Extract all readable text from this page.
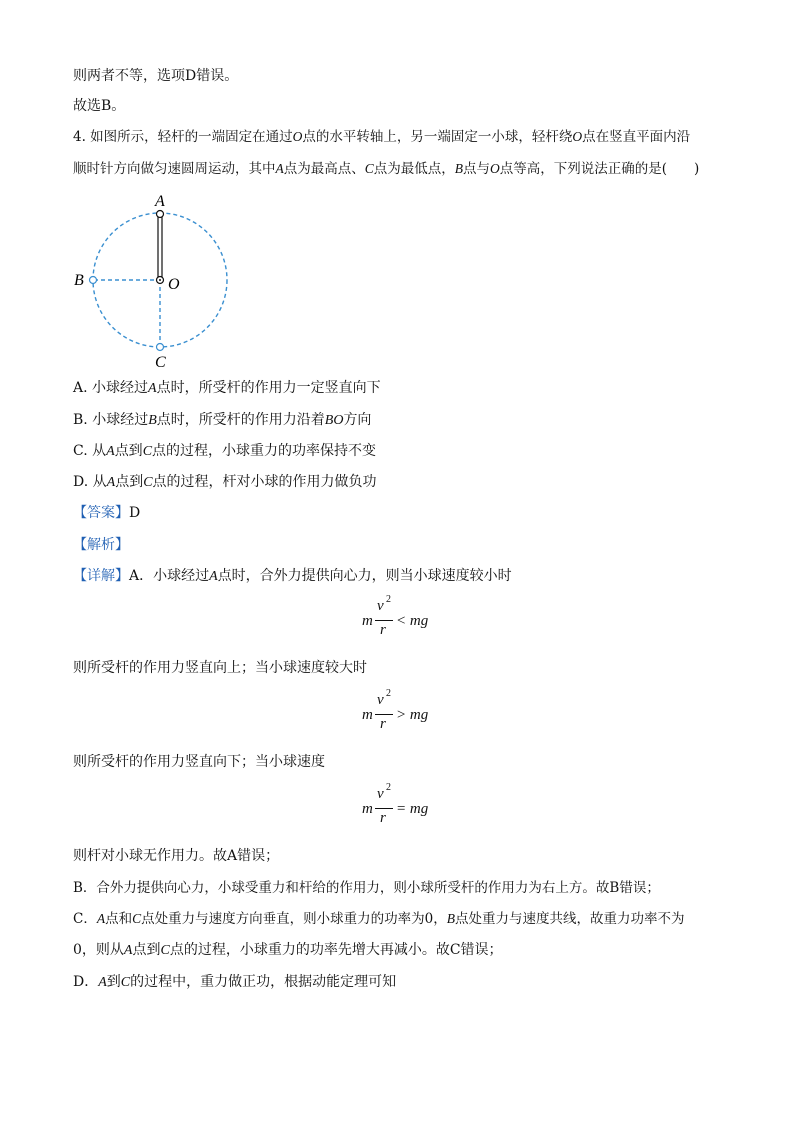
则两者不等，选项D错误。
故选B。
4. 如图所示，轻杆的一端固定在通过O点的水平转轴上，另一端固定一小球，轻杆绕O点在竖直平面内沿
顺时针方向做匀速圆周运动，其中A点为最高点、C点为最低点，B点与O点等高，下列说法正确的是(　　)
A
B
C
O
A. 小球经过A点时，所受杆的作用力一定竖直向下
B. 小球经过B点时，所受杆的作用力沿着BO方向
C. 从A点到C点的过程，小球重力的功率保持不变
D. 从A点到C点的过程，杆对小球的作用力做负功
【答案】D
【解析】
【详解】A．小球经过A点时，合外力提供向心力，则当小球速度较小时
m
v 2
r
< mg
则所受杆的作用力竖直向上；当小球速度较大时
m
v 2
r
> mg
则所受杆的作用力竖直向下；当小球速度
m
v 2
r
= mg
则杆对小球无作用力。故A错误；
B．合外力提供向心力，小球受重力和杆给的作用力，则小球所受杆的作用力为右上方。故B错误；
C．A点和C点处重力与速度方向垂直，则小球重力的功率为0，B点处重力与速度共线，故重力功率不为
0，则从A点到C点的过程，小球重力的功率先增大再减小。故C错误；
D．A到C的过程中，重力做正功，根据动能定理可知
